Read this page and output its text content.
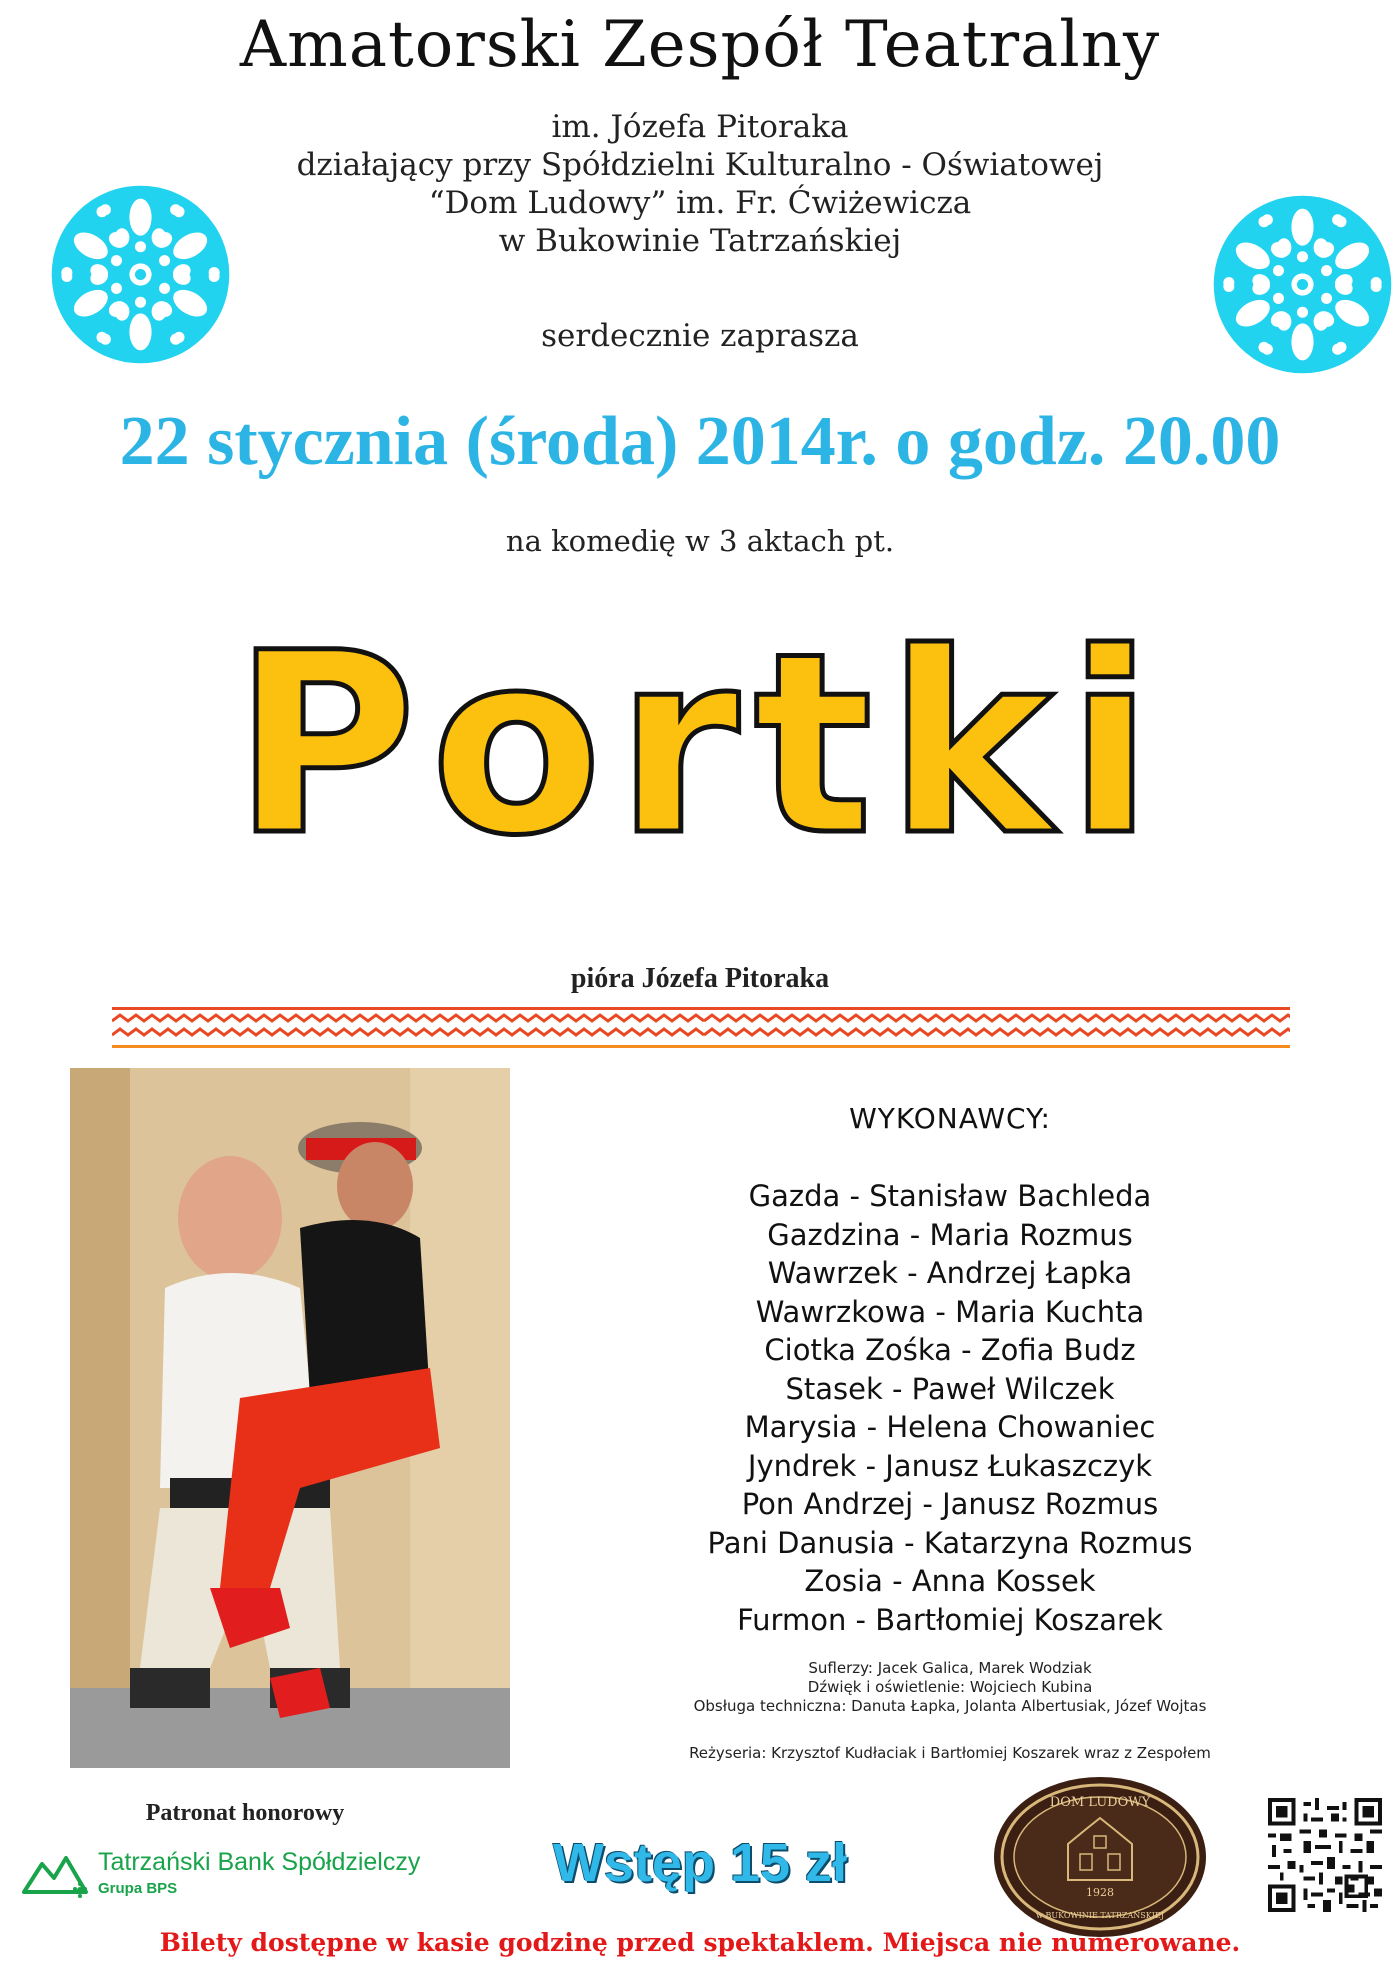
Amatorski Zespół Teatralny
im. Józefa Pitoraka
działający przy Spółdzielni Kulturalno - Oświatowej
“Dom Ludowy” im. Fr. Ćwiżewicza
w Bukowinie Tatrzańskiej
serdecznie zaprasza
22 stycznia (środa) 2014r. o godz. 20.00
na komedię w 3 aktach pt.
Portki
pióra Józefa Pitoraka
WYKONAWCY:
Gazda - Stanisław Bachleda
Gazdzina - Maria Rozmus
Wawrzek - Andrzej Łapka
Wawrzkowa - Maria Kuchta
Ciotka Zośka - Zofia Budz
Stasek - Paweł Wilczek
Marysia - Helena Chowaniec
Jyndrek - Janusz Łukaszczyk
Pon Andrzej - Janusz Rozmus
Pani Danusia - Katarzyna Rozmus
Zosia - Anna Kossek
Furmon - Bartłomiej Koszarek
Suflerzy: Jacek Galica, Marek Wodziak
Dźwięk i oświetlenie: Wojciech Kubina
Obsługa techniczna: Danuta Łapka, Jolanta Albertusiak, Józef Wojtas
Reżyseria: Krzysztof Kudłaciak i Bartłomiej Koszarek wraz z Zespołem
Patronat honorowy
Tatrzański Bank Spółdzielczy
Grupa BPS	Wstęp 15 zł
DOM LUDOWY
1928
w BUKOWINIE TATRZAŃSKIEJ
Bilety dostępne w kasie godzinę przed spektaklem. Miejsca nie numerowane.
